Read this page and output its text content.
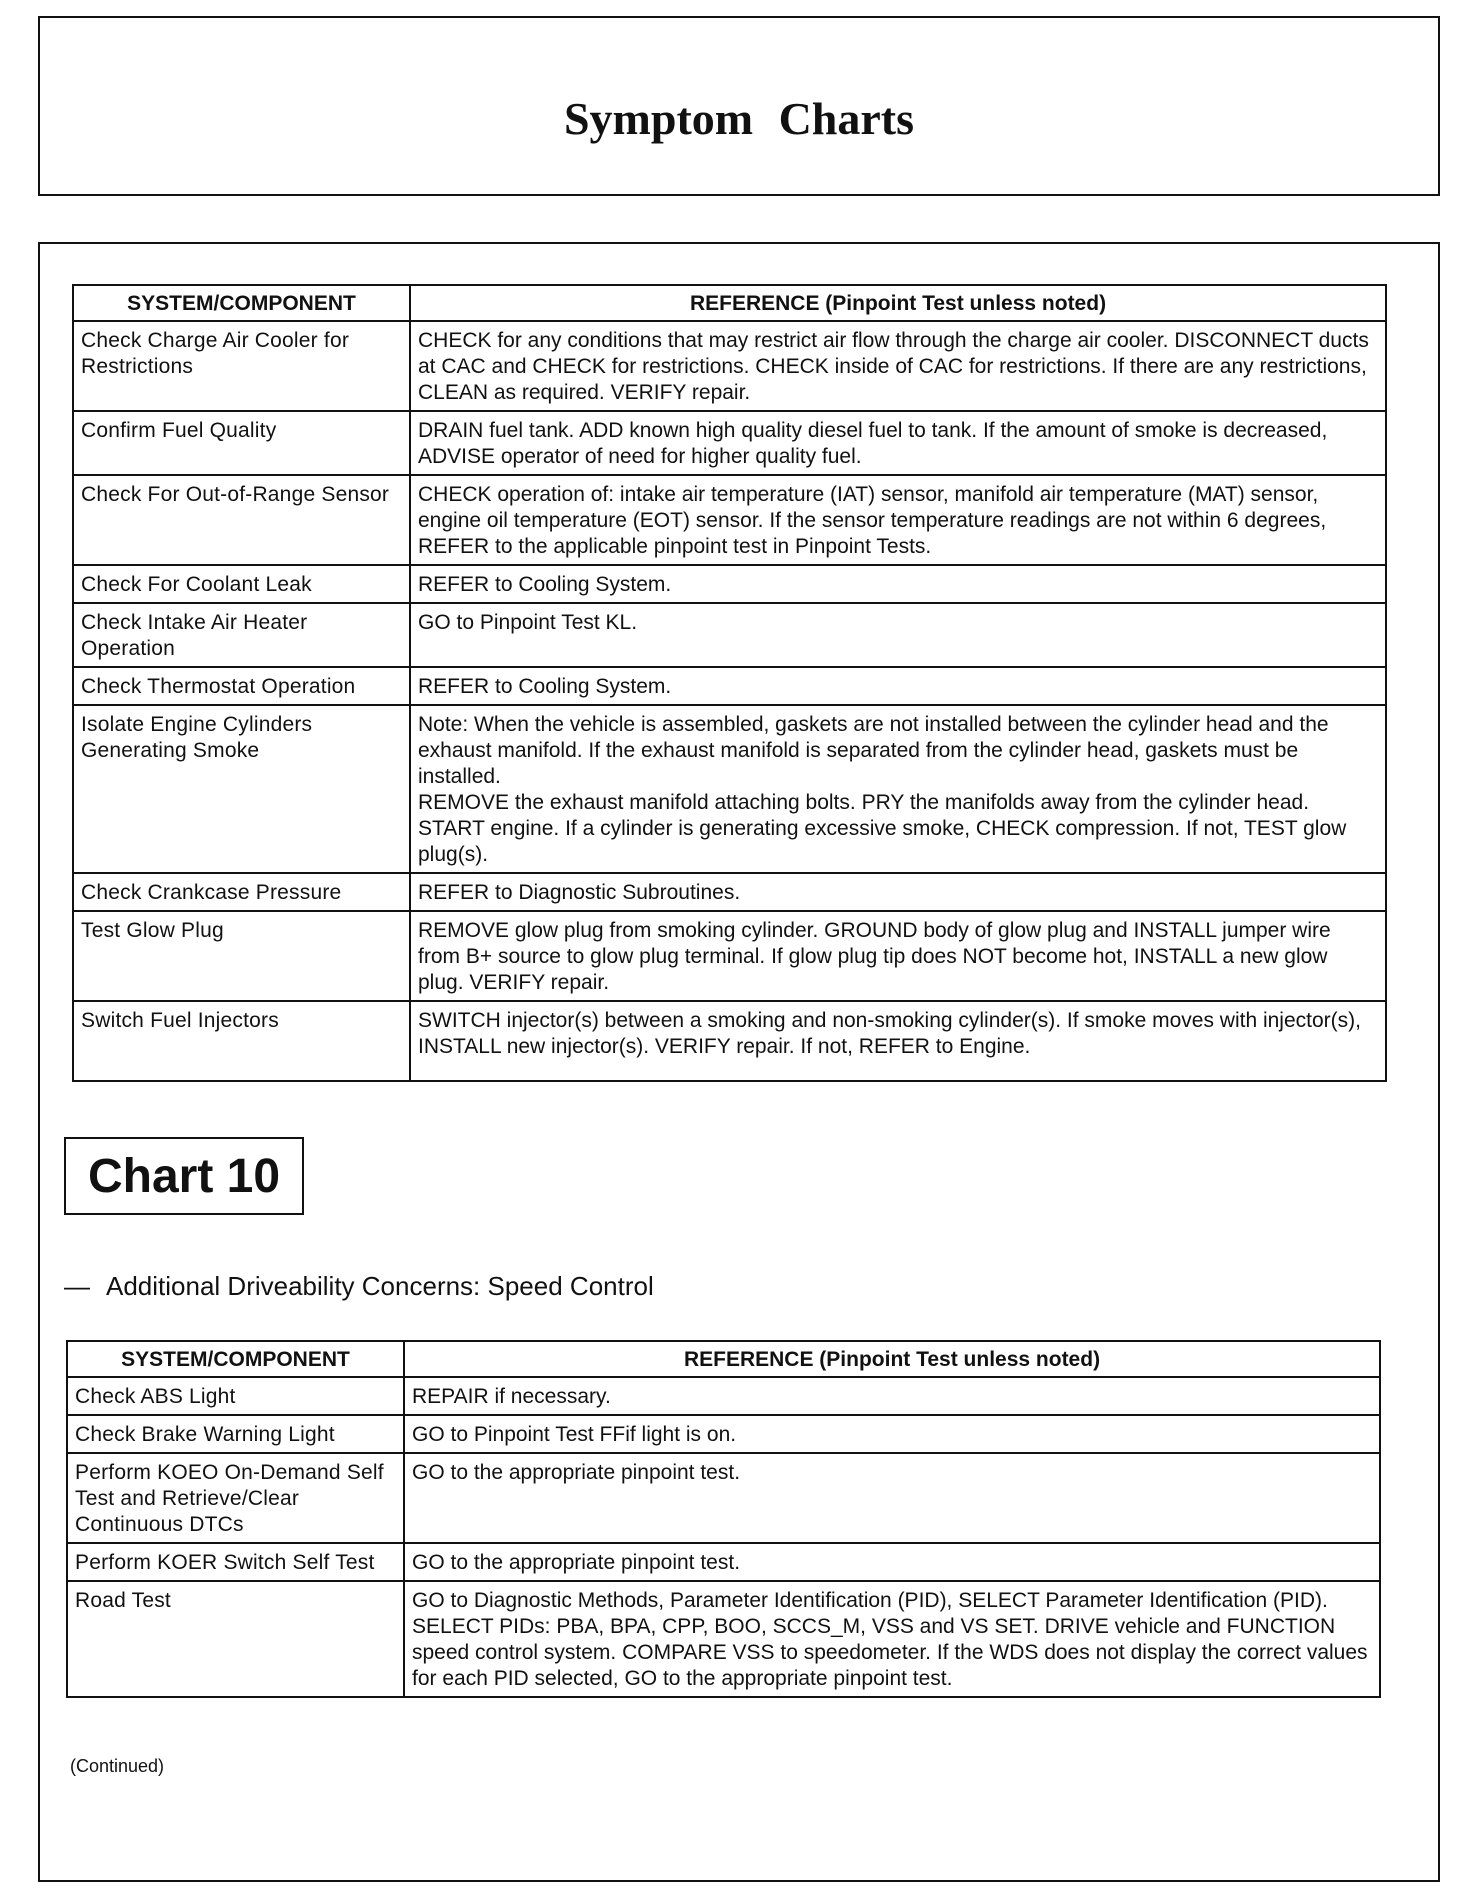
Symptom Charts
SYSTEM/COMPONENT	REFERENCE (Pinpoint Test unless noted)
Check Charge Air Cooler for Restrictions	CHECK for any conditions that may restrict air flow through the charge air cooler. DISCONNECT ducts at CAC and CHECK for restrictions. CHECK inside of CAC for restrictions. If there are any restrictions, CLEAN as required. VERIFY repair.
Confirm Fuel Quality	DRAIN fuel tank. ADD known high quality diesel fuel to tank. If the amount of smoke is decreased, ADVISE operator of need for higher quality fuel.
Check For Out-of-Range Sensor	CHECK operation of: intake air temperature (IAT) sensor, manifold air temperature (MAT) sensor, engine oil temperature (EOT) sensor. If the sensor temperature readings are not within 6 degrees, REFER to the applicable pinpoint test in Pinpoint Tests.
Check For Coolant Leak	REFER to Cooling System.
Check Intake Air Heater Operation	GO to Pinpoint Test KL.
Check Thermostat Operation	REFER to Cooling System.
Isolate Engine Cylinders Generating Smoke	Note: When the vehicle is assembled, gaskets are not installed between the cylinder head and the exhaust manifold. If the exhaust manifold is separated from the cylinder head, gaskets must be installed.
REMOVE the exhaust manifold attaching bolts. PRY the manifolds away from the cylinder head. START engine. If a cylinder is generating excessive smoke, CHECK compression. If not, TEST glow plug(s).

Check Crankcase Pressure	REFER to Diagnostic Subroutines.
Test Glow Plug	REMOVE glow plug from smoking cylinder. GROUND body of glow plug and INSTALL jumper wire from B+ source to glow plug terminal. If glow plug tip does NOT become hot, INSTALL a new glow plug. VERIFY repair.
Switch Fuel Injectors	SWITCH injector(s) between a smoking and non-smoking cylinder(s). If smoke moves with injector(s), INSTALL new injector(s). VERIFY repair. If not, REFER to Engine.
Chart 10
— Additional Driveability Concerns: Speed Control
SYSTEM/COMPONENT	REFERENCE (Pinpoint Test unless noted)
Check ABS Light	REPAIR if necessary.
Check Brake Warning Light	GO to Pinpoint Test FFif light is on.
Perform KOEO On-Demand Self Test and Retrieve/Clear Continuous DTCs	GO to the appropriate pinpoint test.
Perform KOER Switch Self Test	GO to the appropriate pinpoint test.
Road Test	GO to Diagnostic Methods, Parameter Identification (PID), SELECT Parameter Identification (PID). SELECT PIDs: PBA, BPA, CPP, BOO, SCCS_M, VSS and VS SET. DRIVE vehicle and FUNCTION speed control system. COMPARE VSS to speedometer. If the WDS does not display the correct values for each PID selected, GO to the appropriate pinpoint test.
(Continued)
